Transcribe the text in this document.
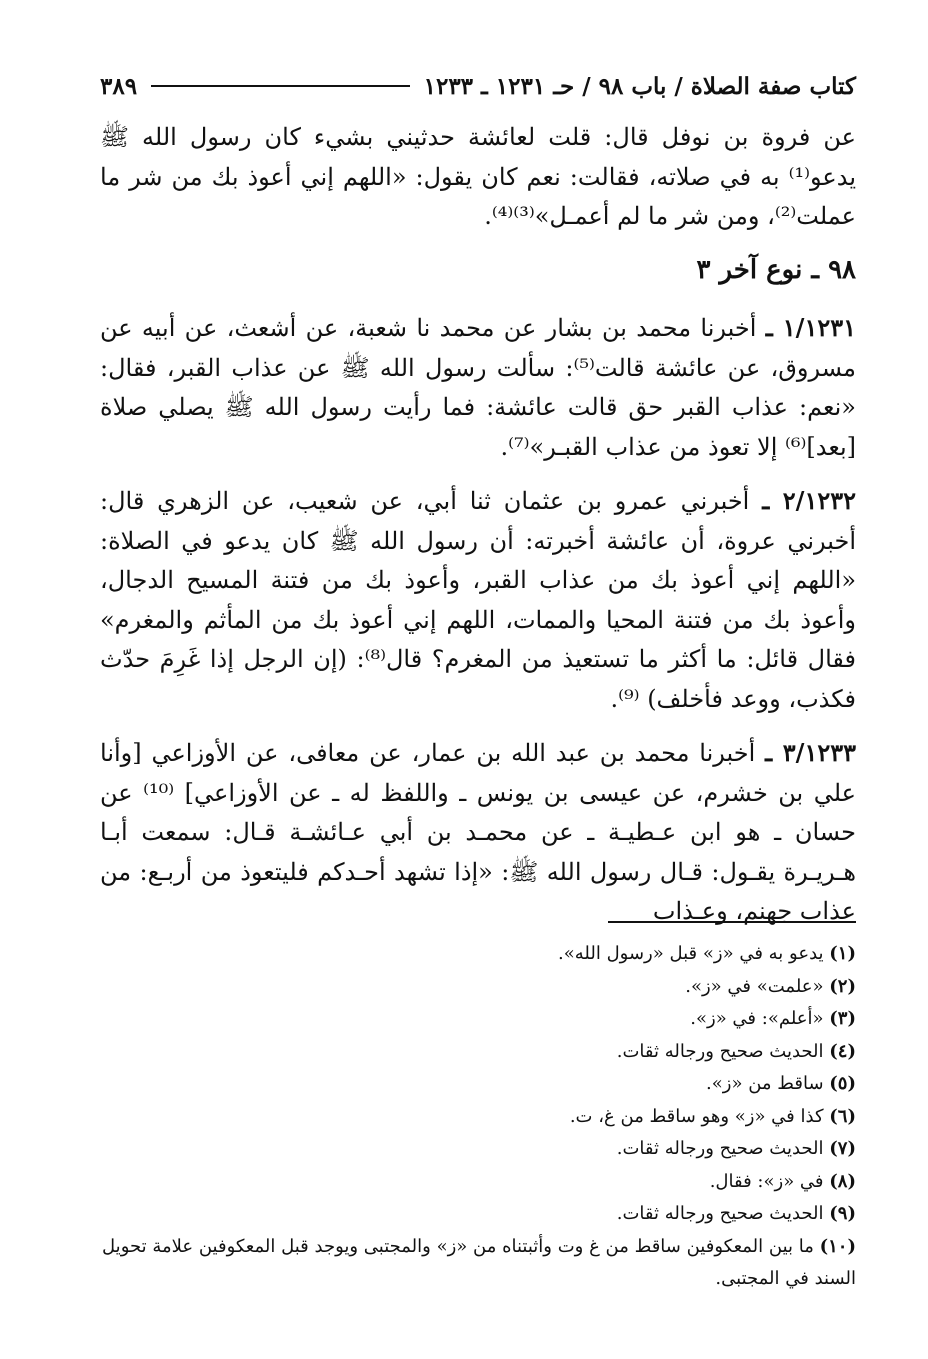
كتاب صفة الصلاة / باب ٩٨ / حـ ١٢٣١ ـ ١٢٣٣
٣٨٩

عن فروة بن نوفل قال: قلت لعائشة حدثيني بشيء كان رسول الله ﷺ يدعو⁽¹⁾ به في صلاته، فقالت: نعم كان يقول: «اللهم إني أعوذ بك من شر ما عملت⁽²⁾، ومن شر ما لم أعمـل»⁽³⁾⁽⁴⁾.

٩٨ ـ نوع آخر ٣

١/١٢٣١ ـ أخبرنا محمد بن بشار عن محمد نا شعبة، عن أشعث، عن أبيه عن مسروق، عن عائشة قالت⁽⁵⁾: سألت رسول الله ﷺ عن عذاب القبر، فقال: «نعم: عذاب القبر حق قالت عائشة: فما رأيت رسول الله ﷺ يصلي صلاة [بعد]⁽⁶⁾ إلا تعوذ من عذاب القبـر»⁽⁷⁾.

٢/١٢٣٢ ـ أخبرني عمرو بن عثمان ثنا أبي، عن شعيب، عن الزهري قال: أخبرني عروة، أن عائشة أخبرته: أن رسول الله ﷺ كان يدعو في الصلاة: «اللهم إني أعوذ بك من عذاب القبر، وأعوذ بك من فتنة المسيح الدجال، وأعوذ بك من فتنة المحيا والممات، اللهم إني أعوذ بك من المأثم والمغرم» فقال قائل: ما أكثر ما تستعيذ من المغرم؟ قال⁽⁸⁾: (إن الرجل إذا غَرِمَ حدّث فكذب، ووعد فأخلف) ⁽⁹⁾.

٣/١٢٣٣ ـ أخبرنا محمد بن عبد الله بن عمار، عن معافى، عن الأوزاعي [وأنا علي بن خشرم، عن عيسى بن يونس ـ واللفظ له ـ عن الأوزاعي] ⁽¹⁰⁾ عن حسان ـ هو ابن عـطيـة ـ عن محمـد بن أبي عـائشـة قـال: سمعت أبـا هـريـرة يقـول: قـال رسول الله ﷺ: «إذا تشهد أحـدكم فليتعوذ من أربـع: من عذاب جهنم، وعـذاب

(١) يدعو به في «ز» قبل «رسول الله».

(٢) «علمت» في «ز».

(٣) «أعلم»: في «ز».

(٤) الحديث صحيح ورجاله ثقات.

(٥) ساقط من «ز».

(٦) كذا في «ز» وهو ساقط من غ، ت.

(٧) الحديث صحيح ورجاله ثقات.

(٨) في «ز»: فقال.

(٩) الحديث صحيح ورجاله ثقات.

(١٠) ما بين المعكوفين ساقط من غ وت وأثبتناه من «ز» والمجتبى ويوجد قبل المعكوفين علامة تحويل السند في المجتبى.
